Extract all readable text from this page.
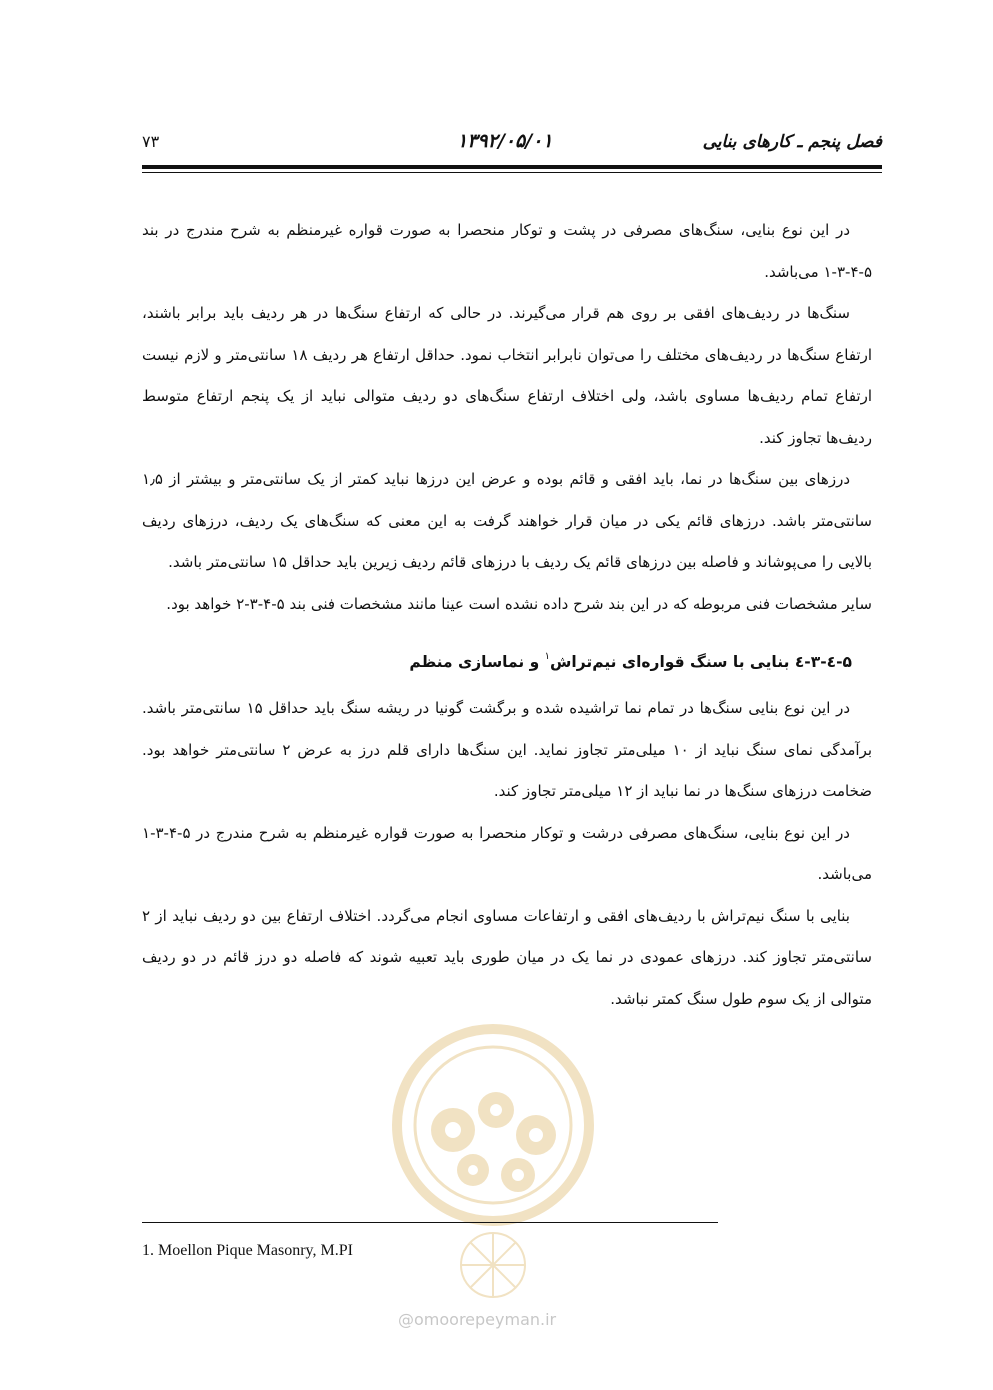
فصل پنجم ـ کارهای بنایی
۱۳۹۲/۰۵/۰۱
۷۳

در این نوع بنایی، سنگ‌های مصرفی در پشت و توکار منحصرا به صورت قواره غیرمنظم به شرح مندرج در بند ۵-۴-۳-۱ می‌باشد.

سنگ‌ها در ردیف‌های افقی بر روی هم قرار می‌گیرند. در حالی که ارتفاع سنگ‌ها در هر ردیف باید برابر باشند، ارتفاع سنگ‌ها در ردیف‌های مختلف را می‌توان نابرابر انتخاب نمود. حداقل ارتفاع هر ردیف ۱۸ سانتی‌متر و لازم نیست ارتفاع تمام ردیف‌ها مساوی باشد، ولی اختلاف ارتفاع سنگ‌های دو ردیف متوالی نباید از یک پنجم ارتفاع متوسط ردیف‌ها تجاوز کند.

درزهای بین سنگ‌ها در نما، باید افقی و قائم بوده و عرض این درزها نباید کمتر از یک سانتی‌متر و بیشتر از ۱٫۵ سانتی‌متر باشد. درزهای قائم یکی در میان قرار خواهند گرفت به این معنی که سنگ‌های یک ردیف، درزهای ردیف بالایی را می‌پوشاند و فاصله بین درزهای قائم یک ردیف با درزهای قائم ردیف زیرین باید حداقل ۱۵ سانتی‌متر باشد.

سایر مشخصات فنی مربوطه که در این بند شرح داده نشده است عینا مانند مشخصات فنی بند ۵-۴-۳-۲ خواهد بود.

۵-٤-۳-٤ بنایی با سنگ قواره‌ای نیم‌تراش$^۱$ و نماسازی منظم

در این نوع بنایی سنگ‌ها در تمام نما تراشیده شده و برگشت گونیا در ریشه سنگ باید حداقل ۱۵ سانتی‌متر باشد. برآمدگی نمای سنگ نباید از ۱۰ میلی‌متر تجاوز نماید. این سنگ‌ها دارای قلم درز به عرض ۲ سانتی‌متر خواهد بود. ضخامت درزهای سنگ‌ها در نما نباید از ۱۲ میلی‌متر تجاوز کند.

در این نوع بنایی، سنگ‌های مصرفی درشت و توکار منحصرا به صورت قواره غیرمنظم به شرح مندرج در ۵-۴-۳-۱ می‌باشد.

بنایی با سنگ نیم‌تراش با ردیف‌های افقی و ارتفاعات مساوی انجام می‌گردد. اختلاف ارتفاع بین دو ردیف نباید از ۲ سانتی‌متر تجاوز کند. درزهای عمودی در نما یک در میان طوری باید تعبیه شوند که فاصله دو درز قائم در دو ردیف متوالی از یک سوم طول سنگ کمتر نباشد.

@omoorepeyman.ir
1. Moellon Pique Masonry, M.PI
